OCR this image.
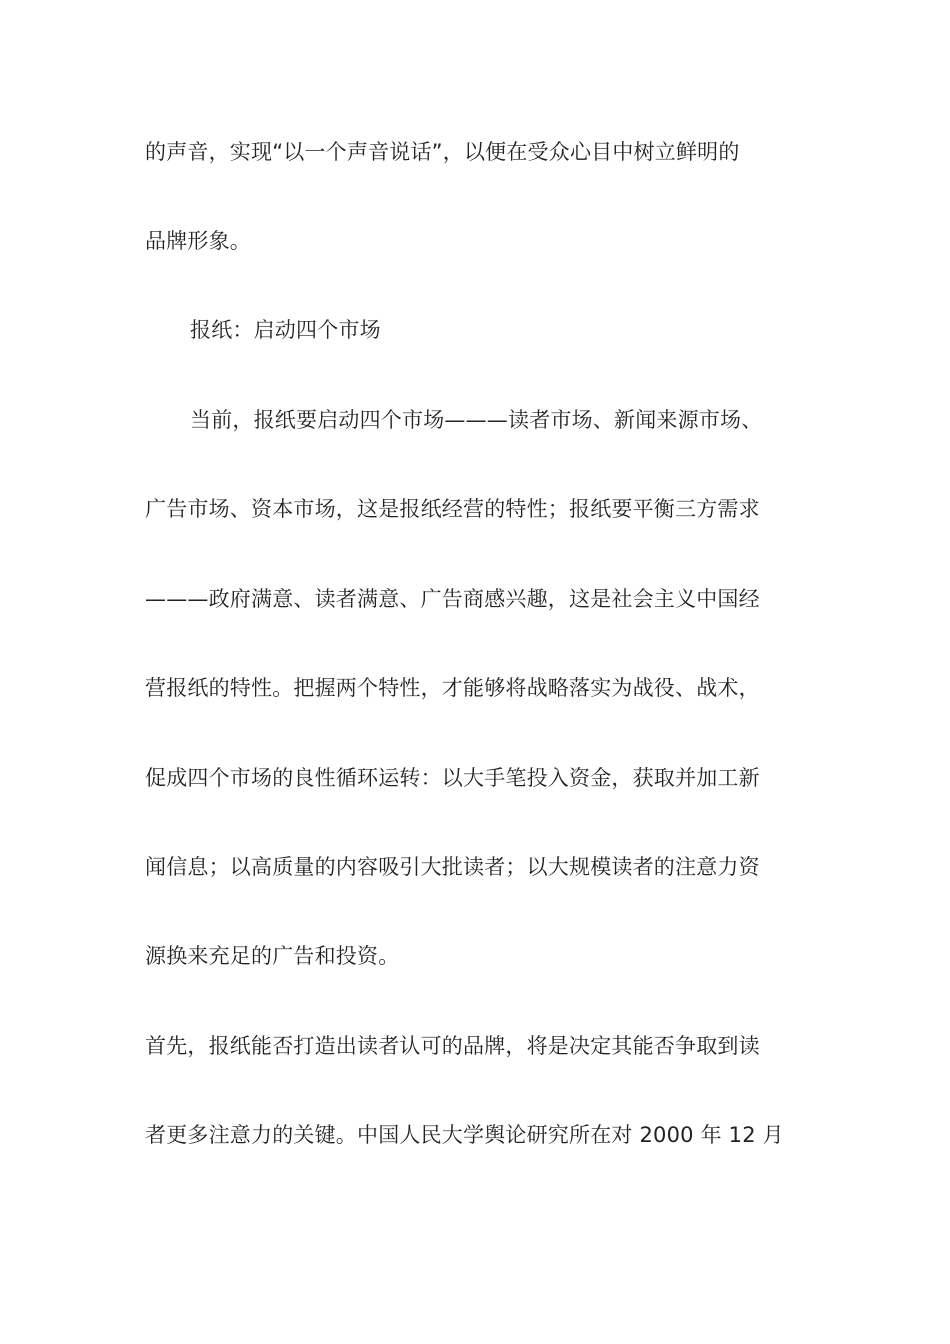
的声音，实现“以一个声音说话”，以便在受众心目中树立鲜明的
品牌形象。
报纸：启动四个市场
当前，报纸要启动四个市场———读者市场、新闻来源市场、
广告市场、资本市场，这是报纸经营的特性；报纸要平衡三方需求
———政府满意、读者满意、广告商感兴趣，这是社会主义中国经
营报纸的特性。把握两个特性，才能够将战略落实为战役、战术，
促成四个市场的良性循环运转：以大手笔投入资金，获取并加工新
闻信息；以高质量的内容吸引大批读者；以大规模读者的注意力资
源换来充足的广告和投资。
首先，报纸能否打造出读者认可的品牌，将是决定其能否争取到读
者更多注意力的关键。中国人民大学舆论研究所在对 2000 年 12 月
